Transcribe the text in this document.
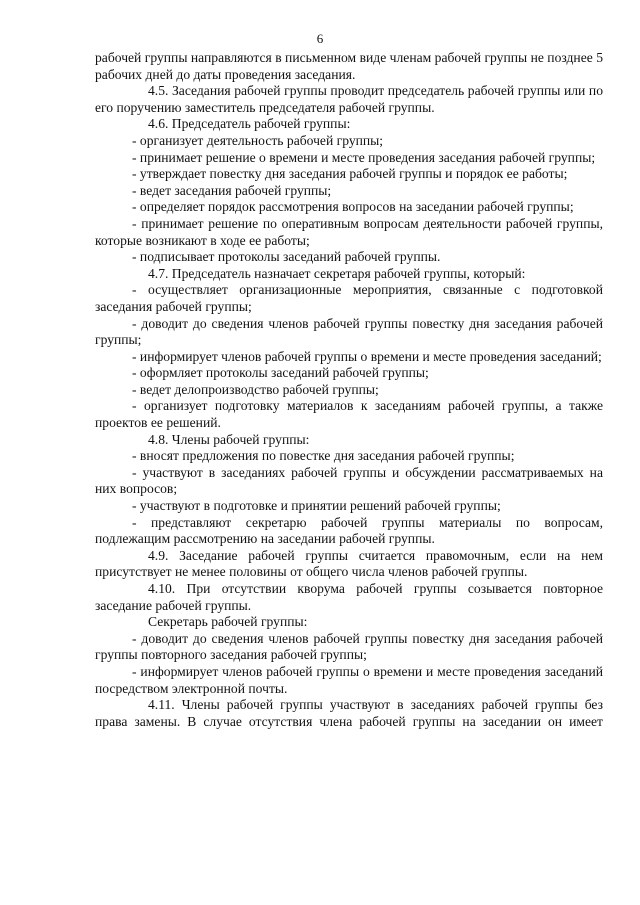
6

рабочей группы направляются в письменном виде членам рабочей группы не позднее 5 рабочих дней до даты проведения заседания.

4.5. Заседания рабочей группы проводит председатель рабочей группы или по его поручению заместитель председателя рабочей группы.

4.6. Председатель рабочей группы:

- организует деятельность рабочей группы;

- принимает решение о времени и месте проведения заседания рабочей группы;

- утверждает повестку дня заседания рабочей группы и порядок ее работы;

- ведет заседания рабочей группы;

- определяет порядок рассмотрения вопросов на заседании рабочей группы;

- принимает решение по оперативным вопросам деятельности рабочей группы, которые возникают в ходе ее работы;

- подписывает протоколы заседаний рабочей группы.

4.7. Председатель назначает секретаря рабочей группы, который:

- осуществляет организационные мероприятия, связанные с подготовкой заседания рабочей группы;

- доводит до сведения членов рабочей группы повестку дня заседания рабочей группы;

- информирует членов рабочей группы о времени и месте проведения заседаний;

- оформляет протоколы заседаний рабочей группы;

- ведет делопроизводство рабочей группы;

- организует подготовку материалов к заседаниям рабочей группы, а также проектов ее решений.

4.8. Члены рабочей группы:

- вносят предложения по повестке дня заседания рабочей группы;

- участвуют в заседаниях рабочей группы и обсуждении рассматриваемых на них вопросов;

- участвуют в подготовке и принятии решений рабочей группы;

- представляют секретарю рабочей группы материалы по вопросам, подлежащим рассмотрению на заседании рабочей группы.

4.9. Заседание рабочей группы считается правомочным, если на нем присутствует не менее половины от общего числа членов рабочей группы.

4.10. При отсутствии кворума рабочей группы созывается повторное заседание рабочей группы.

Секретарь рабочей группы:

- доводит до сведения членов рабочей группы повестку дня заседания рабочей группы повторного заседания рабочей группы;

- информирует членов рабочей группы о времени и месте проведения заседаний посредством электронной почты.

4.11. Члены рабочей группы участвуют в заседаниях рабочей группы без права замены. В случае отсутствия члена рабочей группы на заседании он имеет
